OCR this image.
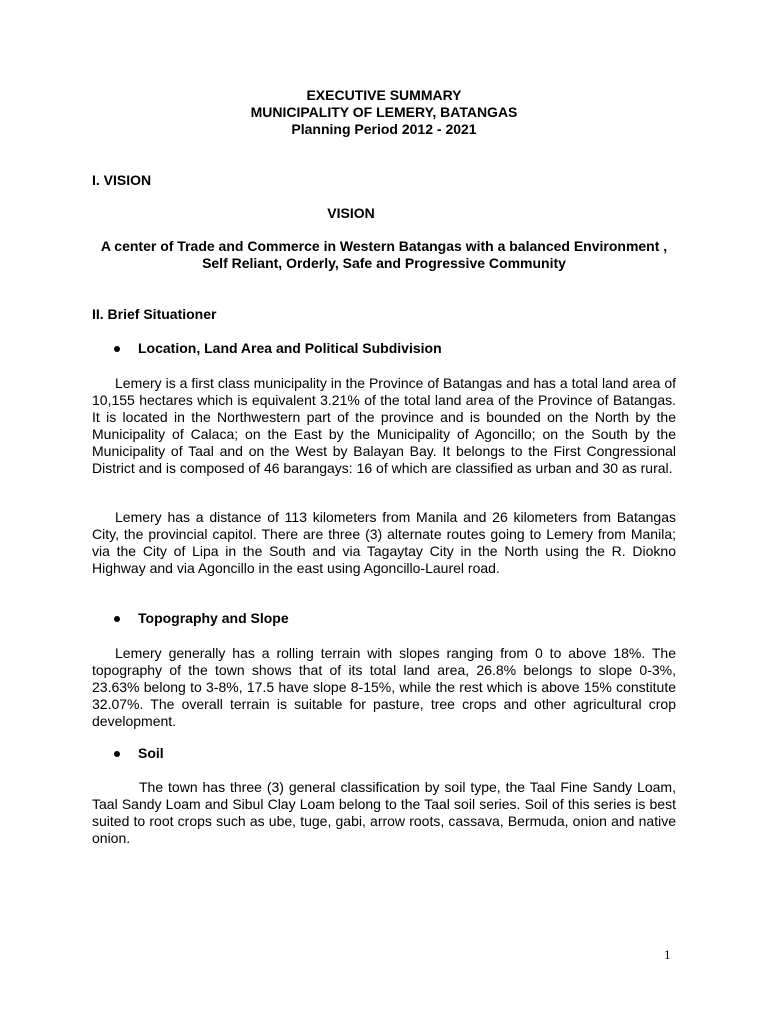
EXECUTIVE SUMMARY
MUNICIPALITY OF LEMERY, BATANGAS
Planning Period 2012 - 2021
I. VISION
VISION
A center of Trade and Commerce in Western Batangas with a balanced Environment , Self Reliant, Orderly, Safe and Progressive Community
II. Brief Situationer
Location, Land Area and Political Subdivision
Lemery is a first class municipality in the Province of Batangas and has a total land area of 10,155 hectares which is equivalent 3.21% of the total land area of the Province of Batangas. It is located in the Northwestern part of the province and is bounded on the North by the Municipality of Calaca; on the East by the Municipality of Agoncillo; on the South by the Municipality of Taal and on the West by Balayan Bay. It belongs to the First Congressional District and is composed of 46 barangays: 16 of which are classified as urban and 30 as rural.
Lemery has a distance of 113 kilometers from Manila and 26 kilometers from Batangas City, the provincial capitol. There are three (3) alternate routes going to Lemery from Manila; via the City of Lipa in the South and via Tagaytay City in the North using the R. Diokno Highway and via Agoncillo in the east using Agoncillo-Laurel road.
Topography and Slope
Lemery generally has a rolling terrain with slopes ranging from 0 to above 18%. The topography of the town shows that of its total land area, 26.8% belongs to slope 0-3%, 23.63% belong to 3-8%, 17.5 have slope 8-15%, while the rest which is above 15% constitute 32.07%. The overall terrain is suitable for pasture, tree crops and other agricultural crop development.
Soil
The town has three (3) general classification by soil type, the Taal Fine Sandy Loam, Taal Sandy Loam and Sibul Clay Loam belong to the Taal soil series. Soil of this series is best suited to root crops such as ube, tuge, gabi, arrow roots, cassava, Bermuda, onion and native onion.
1
